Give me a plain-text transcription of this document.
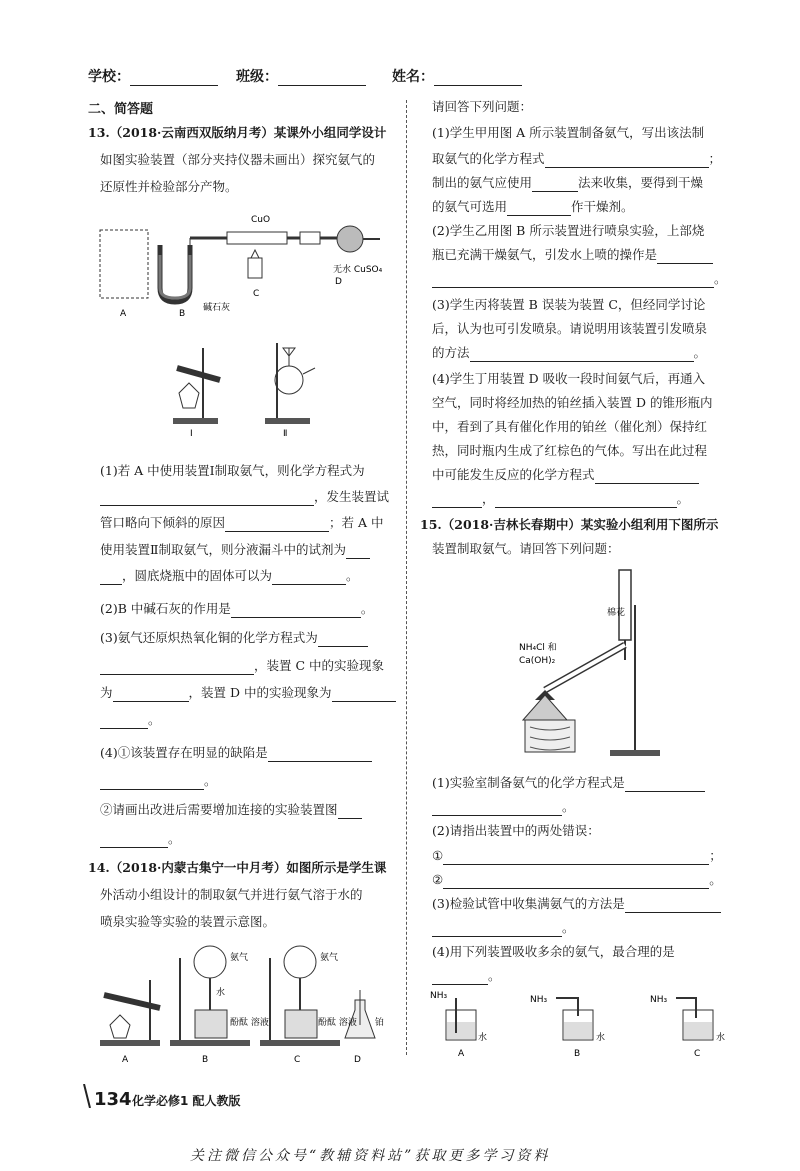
学校：	班级：	姓名：
二、简答题
13.（2018·云南西双版纳月考）某课外小组同学设计
如图实验装置（部分夹持仪器未画出）探究氨气的
还原性并检验部分产物。
CuO
无水 CuSO₄
碱石灰
A	B
C
D
Ⅰ	Ⅱ
(1)若 A 中使用装置Ⅰ制取氨气，则化学方程式为
，发生装置试
管口略向下倾斜的原因	；若 A 中
使用装置Ⅱ制取氨气，则分液漏斗中的试剂为
，圆底烧瓶中的固体可以为	。
(2)B 中碱石灰的作用是	。
(3)氨气还原炽热氧化铜的化学方程式为
，装置 C 中的实验现象
为	，装置 D 中的实验现象为
。
(4)①该装置存在明显的缺陷是
。
②请画出改进后需要增加连接的实验装置图
。
14.（2018·内蒙古集宁一中月考）如图所示是学生课
外活动小组设计的制取氨气并进行氨气溶于水的
喷泉实验等实验的装置示意图。
氨气	氨气
水
酚酞 溶液	酚酞 溶液 铂
A	B	C	D
请回答下列问题：
(1)学生甲用图 A 所示装置制备氨气，写出该法制
取氨气的化学方程式	；
制出的氨气应使用	法来收集，要得到干燥
的氨气可选用	作干燥剂。
(2)学生乙用图 B 所示装置进行喷泉实验，上部烧
瓶已充满干燥氨气，引发水上喷的操作是
。
(3)学生丙将装置 B 误装为装置 C，但经同学讨论
后，认为也可引发喷泉。请说明用该装置引发喷泉
的方法	。
(4)学生丁用装置 D 吸收一段时间氨气后，再通入
空气，同时将经加热的铂丝插入装置 D 的锥形瓶内
中，看到了具有催化作用的铂丝（催化剂）保持红
热，同时瓶内生成了红棕色的气体。写出在此过程
中可能发生反应的化学方程式
，	。
15.（2018·吉林长春期中）某实验小组利用下图所示
装置制取氨气。请回答下列问题：
棉花
NH₄Cl 和
Ca(OH)₂
(1)实验室制备氨气的化学方程式是
。
(2)请指出装置中的两处错误：
①	；
②	。
(3)检验试管中收集满氨气的方法是
。
(4)用下列装置吸收多余的氨气，最合理的是
。
NH₃	NH₃	NH₃
水	水	水
A	B	C
134 化学必修1 配人教版
关注微信公众号“教辅资料站”获取更多学习资料
